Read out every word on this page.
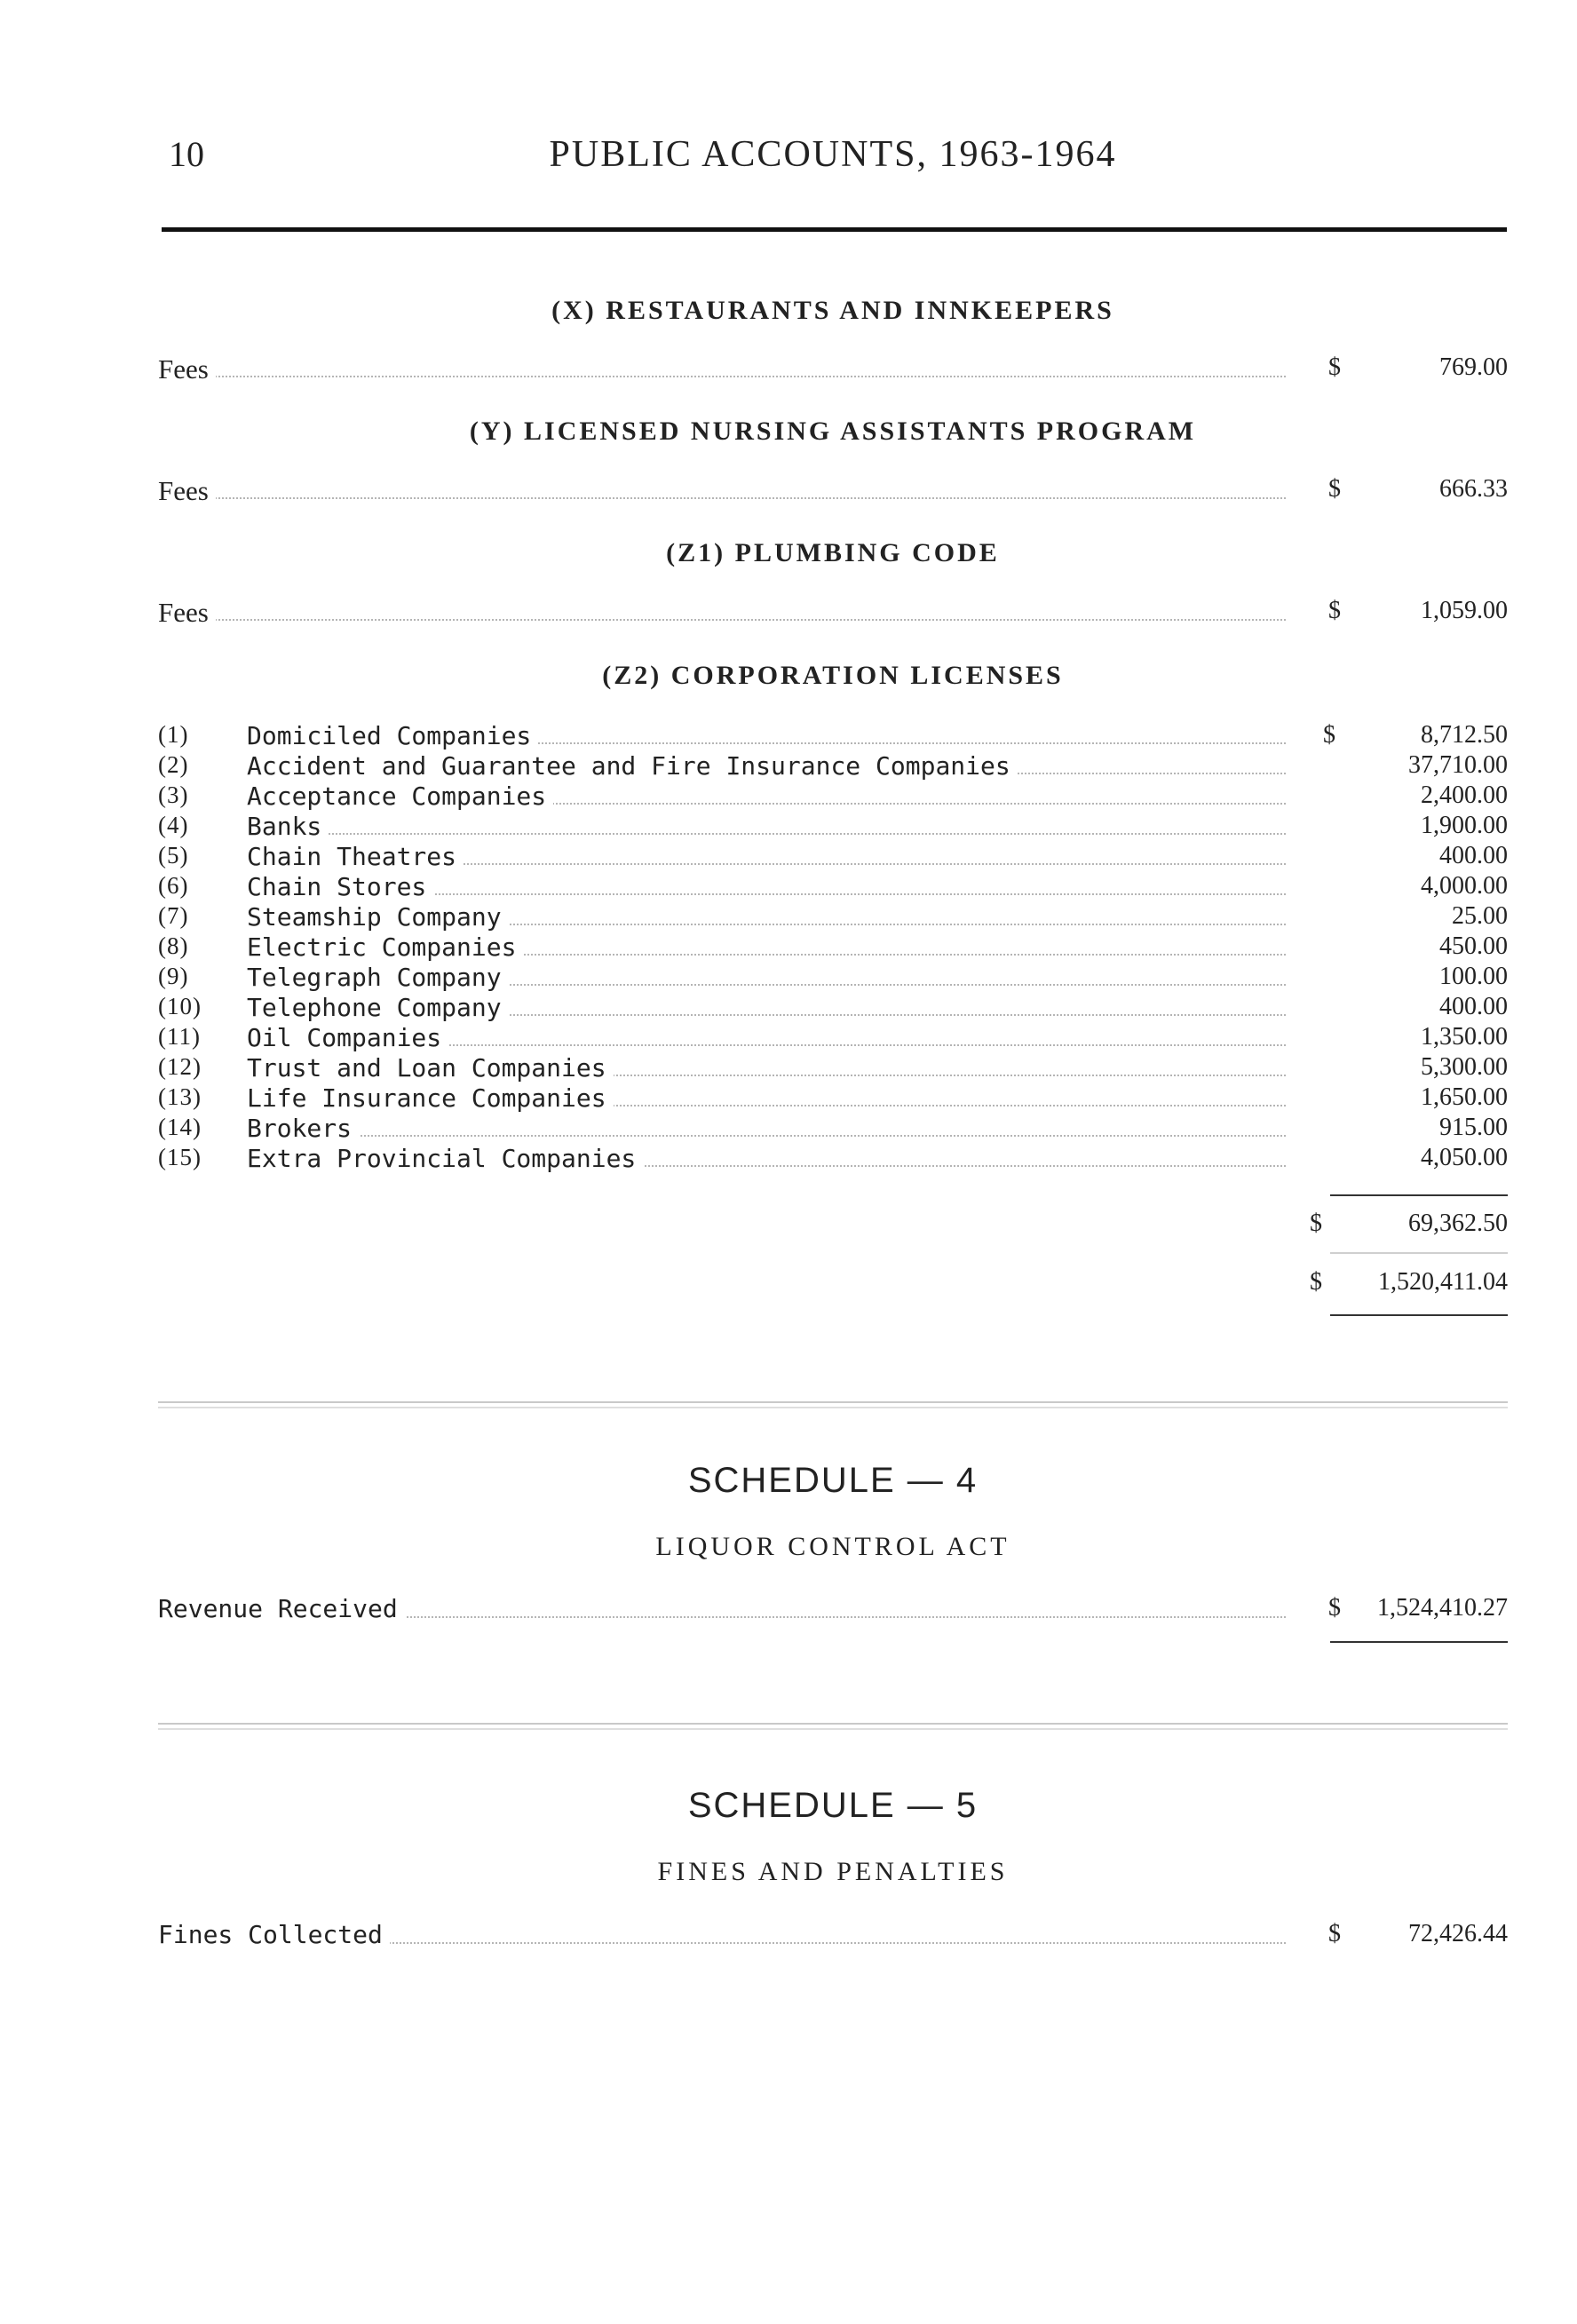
10	PUBLIC ACCOUNTS, 1963-1964
(X) RESTAURANTS AND INNKEEPERS
Fees	$	769.00
(Y) LICENSED NURSING ASSISTANTS PROGRAM
Fees	$	666.33
(Z1) PLUMBING CODE
Fees	$	1,059.00
(Z2) CORPORATION LICENSES
(1)	Domiciled Companies	$	8,712.50
(2)	Accident and Guarantee and Fire Insurance Companies	37,710.00
(3)	Acceptance Companies	2,400.00
(4)	Banks	1,900.00
(5)	Chain Theatres	400.00
(6)	Chain Stores	4,000.00
(7)	Steamship Company	25.00
(8)	Electric Companies	450.00
(9)	Telegraph Company	100.00
(10)	Telephone Company	400.00
(11)	Oil Companies	1,350.00
(12)	Trust and Loan Companies	5,300.00
(13)	Life Insurance Companies	1,650.00
(14)	Brokers	915.00
(15)	Extra Provincial Companies	4,050.00
$	69,362.50
$ 1,520,411.04
SCHEDULE — 4
LIQUOR CONTROL ACT
Revenue Received	$ 1,524,410.27
SCHEDULE — 5
FINES AND PENALTIES
Fines Collected	$	72,426.44
